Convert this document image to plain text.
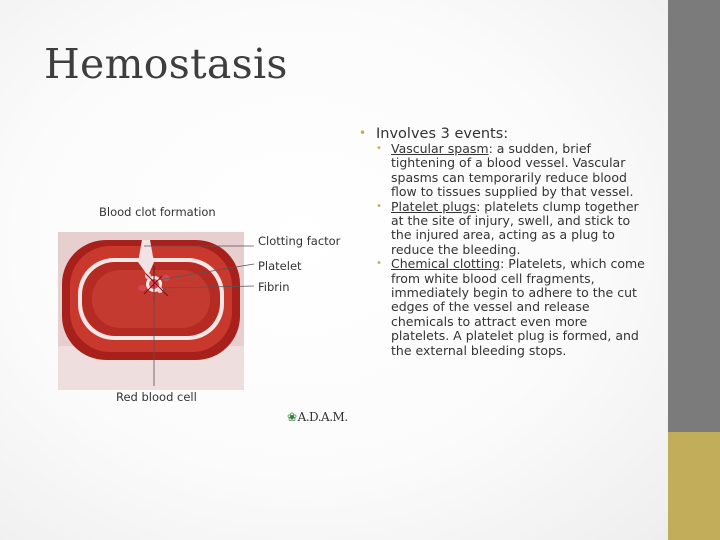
Hemostasis
Blood clot formation
Clotting factor
Platelet
Fibrin
Red blood cell
❀A.D.A.M.
• Involves 3 events:
• Vascular spasm: a sudden, brief tightening of a blood vessel. Vascular spasms can temporarily reduce blood flow to tissues supplied by that vessel.
• Platelet plugs: platelets clump together at the site of injury, swell, and stick to the injured area, acting as a plug to reduce the bleeding.
• Chemical clotting: Platelets, which come from white blood cell fragments, immediately begin to adhere to the cut edges of the vessel and release chemicals to attract even more platelets. A platelet plug is formed, and the external bleeding stops.
